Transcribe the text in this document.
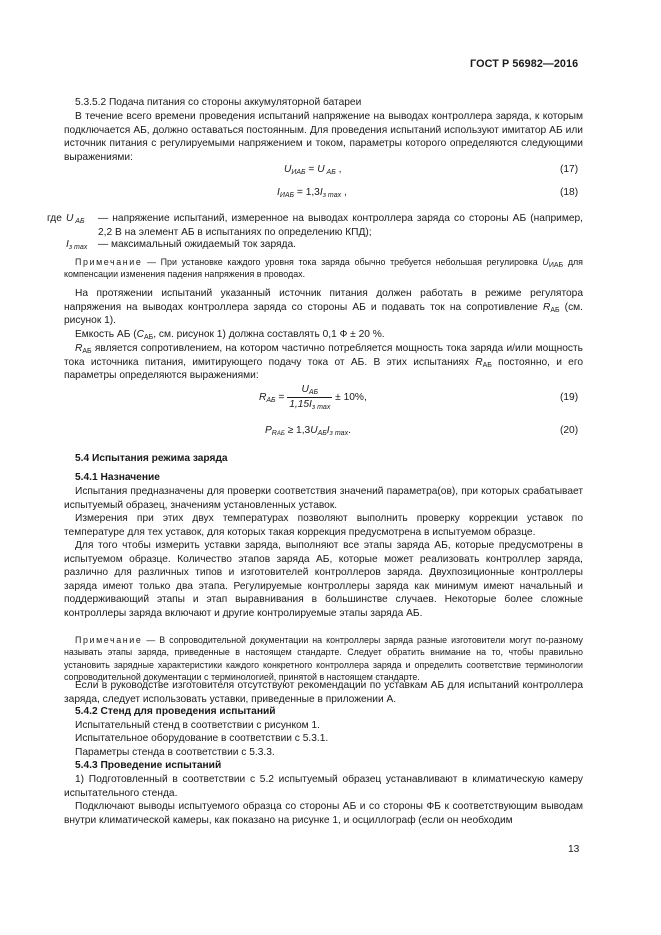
ГОСТ Р 56982—2016
5.3.5.2 Подача питания со стороны аккумуляторной батареи
В течение всего времени проведения испытаний напряжение на выводах контроллера заряда, к которым подключается АБ, должно оставаться постоянным. Для проведения испытаний используют имитатор АБ или источник питания с регулируемыми напряжением и током, параметры которого определяются следующими выражениями:
$U_{ИАБ} = U$ $_{АБ}$ ,	(17)
$I_{ИАБ} = 1,3I_{з max}$ ,	(18)
где U $_{АБ}$ — напряжение испытаний, измеренное на выводах контроллера заряда со стороны АБ (например, 2,2 В на элемент АБ в испытаниях по определению КПД);
$I_{з max}$ — максимальный ожидаемый ток заряда.
Примечание — При установке каждого уровня тока заряда обычно требуется небольшая регулировка $U_{ИАБ}$ для компенсации изменения падения напряжения в проводах.
На протяжении испытаний указанный источник питания должен работать в режиме регулятора напряжения на выводах контроллера заряда со стороны АБ и подавать ток на сопротивление $R_{АБ}$ (см. рисунок 1).
Емкость АБ ($C_{АБ}$, см. рисунок 1) должна составлять 0,1 Ф ± 20 %.
$R_{АБ}$ является сопротивлением, на котором частично потребляется мощность тока заряда и/или мощность тока источника питания, имитирующего подачу тока от АБ. В этих испытаниях $R_{АБ}$ постоянно, и его параметры определяются выражениями:
$R_{АБ} = \frac{U_{АБ}}{1,15I_{з max}} \pm 10\%$,	(19)
$P_{RАБ} \ge 1,3U_{АБ}I_{з max}$.	(20)
5.4 Испытания режима заряда
5.4.1 Назначение
Испытания предназначены для проверки соответствия значений параметра(ов), при которых срабатывает испытуемый образец, значениям установленных уставок.
Измерения при этих двух температурах позволяют выполнить проверку коррекции уставок по температуре для тех уставок, для которых такая коррекция предусмотрена в испытуемом образце.
Для того чтобы измерить уставки заряда, выполняют все этапы заряда АБ, которые предусмотрены в испытуемом образце. Количество этапов заряда АБ, которые может реализовать контроллер заряда, различно для различных типов и изготовителей контроллеров заряда. Двухпозиционные контроллеры заряда имеют только два этапа. Регулируемые контроллеры заряда как минимум имеют начальный и поддерживающий этапы и этап выравнивания в большинстве случаев. Некоторые более сложные контроллеры заряда включают и другие контролируемые этапы заряда АБ.
Примечание — В сопроводительной документации на контроллеры заряда разные изготовители могут по-разному называть этапы заряда, приведенные в настоящем стандарте. Следует обратить внимание на то, чтобы правильно установить зарядные характеристики каждого конкретного контроллера заряда и определить соответствие терминологии сопроводительной документации с терминологией, принятой в настоящем стандарте.
Если в руководстве изготовителя отсутствуют рекомендации по уставкам АБ для испытаний контроллера заряда, следует использовать уставки, приведенные в приложении А.
5.4.2 Стенд для проведения испытаний
Испытательный стенд в соответствии с рисунком 1.
Испытательное оборудование в соответствии с 5.3.1.
Параметры стенда в соответствии с 5.3.3.
5.4.3 Проведение испытаний
1) Подготовленный в соответствии с 5.2 испытуемый образец устанавливают в климатическую камеру испытательного стенда.
Подключают выводы испытуемого образца со стороны АБ и со стороны ФБ к соответствующим выводам внутри климатической камеры, как показано на рисунке 1, и осциллограф (если он необходим
13
